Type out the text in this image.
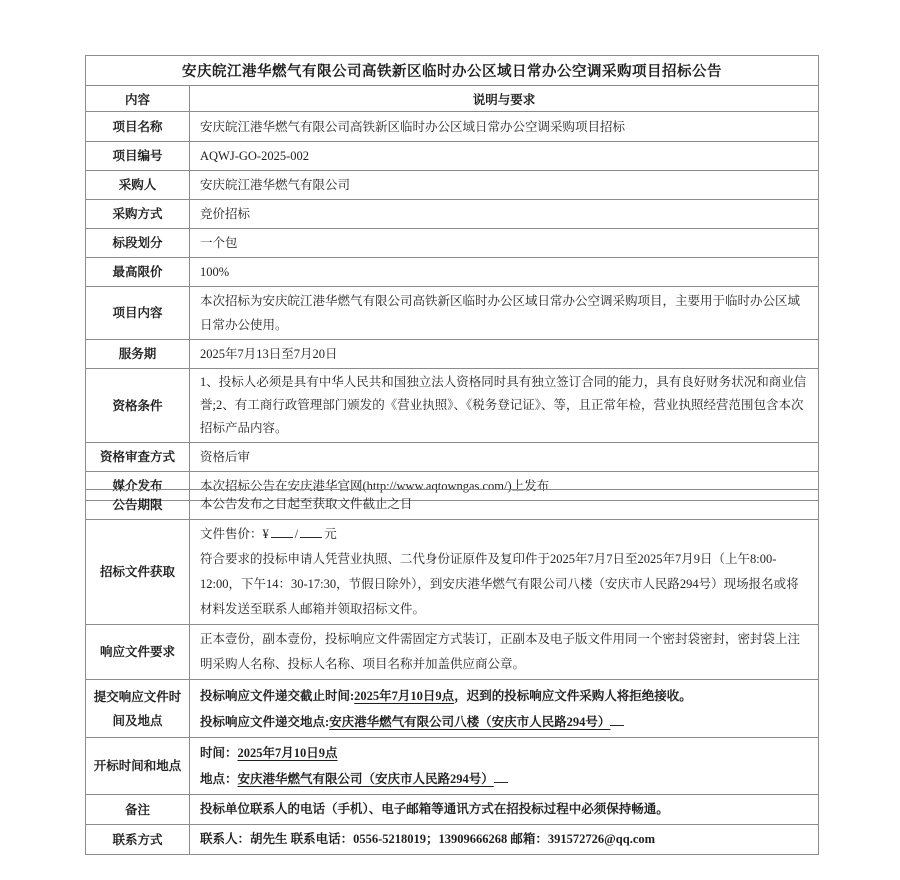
安庆皖江港华燃气有限公司高铁新区临时办公区域日常办公空调采购项目招标公告	
内容	说明与要求
项目名称	安庆皖江港华燃气有限公司高铁新区临时办公区域日常办公空调采购项目招标
项目编号	AQWJ-GO-2025-002
采购人	安庆皖江港华燃气有限公司
采购方式	竞价招标
标段划分	一个包
最高限价	100%
项目内容	本次招标为安庆皖江港华燃气有限公司高铁新区临时办公区域日常办公空调采购项目，主要用于临时办公区域日常办公使用。
服务期	2025年7月13日至7月20日
资格条件	1、投标人必须是具有中华人民共和国独立法人资格同时具有独立签订合同的能力，具有良好财务状况和商业信誉;2、有工商行政管理部门颁发的《营业执照》、《税务登记证》、等，且正常年检，营业执照经营范围包含本次招标产品内容。
资格审查方式	资格后审
媒介发布	本次招标公告在安庆港华官网(http://www.aqtowngas.com/)上发布
公告期限	本公告发布之日起至获取文件截止之日
招标文件获取	文件售价：¥ / 元
符合要求的投标申请人凭营业执照、二代身份证原件及复印件于2025年7月7日至2025年7月9日（上午8:00-12:00，下午14：30-17:30，节假日除外），到安庆港华燃气有限公司八楼（安庆市人民路294号）现场报名或将材料发送至联系人邮箱并领取招标文件。

响应文件要求	正本壹份，副本壹份，投标响应文件需固定方式装订，正副本及电子版文件用同一个密封袋密封，密封袋上注明采购人名称、投标人名称、项目名称并加盖供应商公章。
提交响应文件时间及地点	投标响应文件递交截止时间:2025年7月10日9点，迟到的投标响应文件采购人将拒绝接收。
投标响应文件递交地点:安庆港华燃气有限公司八楼（安庆市人民路294号）

开标时间和地点	时间：2025年7月10日9点
地点：安庆港华燃气有限公司（安庆市人民路294号）

备注	投标单位联系人的电话（手机）、电子邮箱等通讯方式在招投标过程中必须保持畅通。
联系方式	联系人：胡先生 联系电话：0556-5218019；13909666268 邮箱：391572726@qq.com
